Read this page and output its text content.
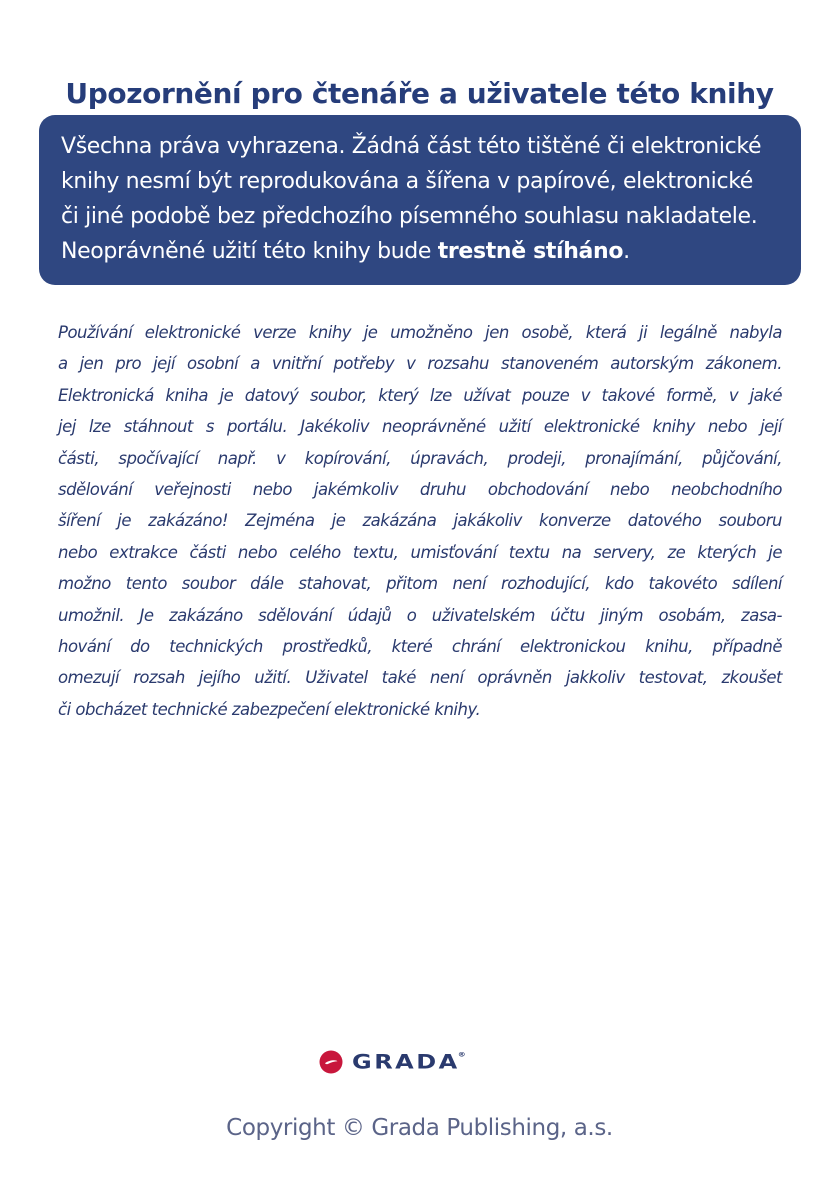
Upozornění pro čtenáře a uživatele této knihy
Všechna práva vyhrazena. Žádná část této tištěné či elektronické
knihy nesmí být reprodukována a šířena v papírové, elektronické
či jiné podobě bez předchozího písemného souhlasu nakladatele.
Neoprávněné užití této knihy bude trestně stíháno.
Používání elektronické verze knihy je umožněno jen osobě, která ji legálně nabyla
a jen pro její osobní a vnitřní potřeby v rozsahu stanoveném autorským zákonem.
Elektronická kniha je datový soubor, který lze užívat pouze v takové formě, v jaké
jej lze stáhnout s portálu. Jakékoliv neoprávněné užití elektronické knihy nebo její
části, spočívající např. v kopírování, úpravách, prodeji, pronajímání, půjčování,
sdělování veřejnosti nebo jakémkoliv druhu obchodování nebo neobchodního
šíření je zakázáno! Zejména je zakázána jakákoliv konverze datového souboru
nebo extrakce části nebo celého textu, umisťování textu na servery, ze kterých je
možno tento soubor dále stahovat, přitom není rozhodující, kdo takovéto sdílení
umožnil. Je zakázáno sdělování údajů o uživatelském účtu jiným osobám, zasa-
hování do technických prostředků, které chrání elektronickou knihu, případně
omezují rozsah jejího užití. Uživatel také není oprávněn jakkoliv testovat, zkoušet
či obcházet technické zabezpečení elektronické knihy.
GRADA®
Copyright © Grada Publishing, a.s.
